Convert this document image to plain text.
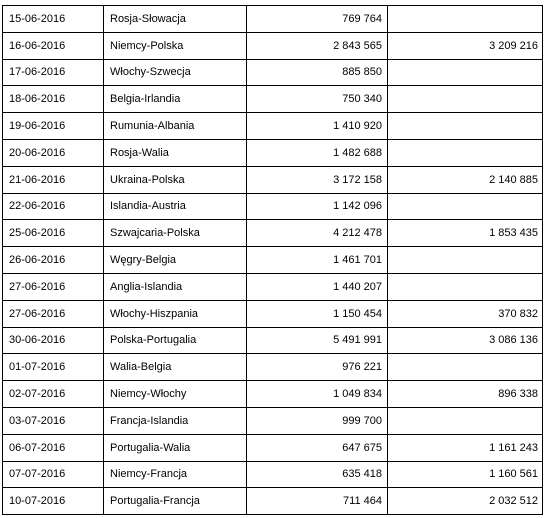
15-06-2016	Rosja-Słowacja	769 764	
16-06-2016	Niemcy-Polska	2 843 565	3 209 216
17-06-2016	Włochy-Szwecja	885 850	
18-06-2016	Belgia-Irlandia	750 340	
19-06-2016	Rumunia-Albania	1 410 920	
20-06-2016	Rosja-Walia	1 482 688	
21-06-2016	Ukraina-Polska	3 172 158	2 140 885
22-06-2016	Islandia-Austria	1 142 096	
25-06-2016	Szwajcaria-Polska	4 212 478	1 853 435
26-06-2016	Węgry-Belgia	1 461 701	
27-06-2016	Anglia-Islandia	1 440 207	
27-06-2016	Włochy-Hiszpania	1 150 454	370 832
30-06-2016	Polska-Portugalia	5 491 991	3 086 136
01-07-2016	Walia-Belgia	976 221	
02-07-2016	Niemcy-Włochy	1 049 834	896 338
03-07-2016	Francja-Islandia	999 700	
06-07-2016	Portugalia-Walia	647 675	1 161 243
07-07-2016	Niemcy-Francja	635 418	1 160 561
10-07-2016	Portugalia-Francja	711 464	2 032 512
